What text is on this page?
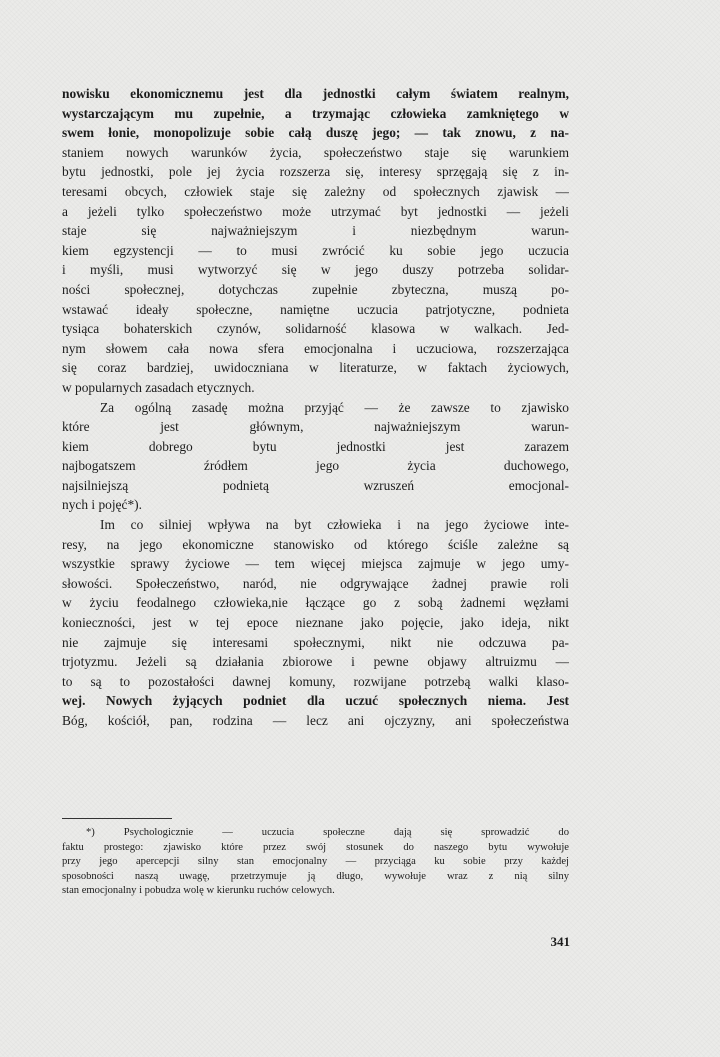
nowisku ekonomicznemu jest dla jednostki całym światem realnym,
wystarczającym mu zupełnie, a trzymając człowieka zamkniętego w
swem łonie, monopolizuje sobie całą duszę jego; — tak znowu, z na-
staniem nowych warunków życia, społeczeństwo staje się warunkiem
bytu jednostki, pole jej życia rozszerza się, interesy sprzęgają się z in-
teresami obcych, człowiek staje się zależny od społecznych zjawisk —
a jeżeli tylko społeczeństwo może utrzymać byt jednostki — jeżeli
staje się najważniejszym i niezbędnym warun-
kiem egzystencji — to musi zwrócić ku sobie jego uczucia
i myśli, musi wytworzyć się w jego duszy potrzeba solidar-
ności społecznej, dotychczas zupełnie zbyteczna, muszą po-
wstawać ideały społeczne, namiętne uczucia patrjotyczne, podnieta
tysiąca bohaterskich czynów, solidarność klasowa w walkach. Jed-
nym słowem cała nowa sfera emocjonalna i uczuciowa, rozszerzająca
się coraz bardziej, uwidoczniana w literaturze, w faktach życiowych,
w popularnych zasadach etycznych.
Za ogólną zasadę można przyjąć — że zawsze to zjawisko
które jest głównym, najważniejszym warun-
kiem dobrego bytu jednostki jest zarazem
najbogatszem źródłem jego życia duchowego,
najsilniejszą podnietą wzruszeń emocjonal-
nych i pojęć*).
Im co silniej wpływa na byt człowieka i na jego życiowe inte-
resy, na jego ekonomiczne stanowisko od którego ściśle zależne są
wszystkie sprawy życiowe — tem więcej miejsca zajmuje w jego umy-
słowości. Społeczeństwo, naród, nie odgrywające żadnej prawie roli
w życiu feodalnego człowieka,nie łączące go z sobą żadnemi węzłami
konieczności, jest w tej epoce nieznane jako pojęcie, jako ideja, nikt
nie zajmuje się interesami społecznymi, nikt nie odczuwa pa-
trjotyzmu. Jeżeli są działania zbiorowe i pewne objawy altruizmu —
to są to pozostałości dawnej komuny, rozwijane potrzebą walki klaso-
wej. Nowych żyjących podniet dla uczuć społecznych niema. Jest
Bóg, kościół, pan, rodzina — lecz ani ojczyzny, ani społeczeństwa
*) Psychologicznie — uczucia społeczne dają się sprowadzić do
faktu prostego: zjawisko które przez swój stosunek do naszego bytu wywołuje
przy jego apercepcji silny stan emocjonalny — przyciąga ku sobie przy każdej
sposobności naszą uwagę, przetrzymuje ją długo, wywołuje wraz z nią silny
stan emocjonalny i pobudza wolę w kierunku ruchów celowych.
341
